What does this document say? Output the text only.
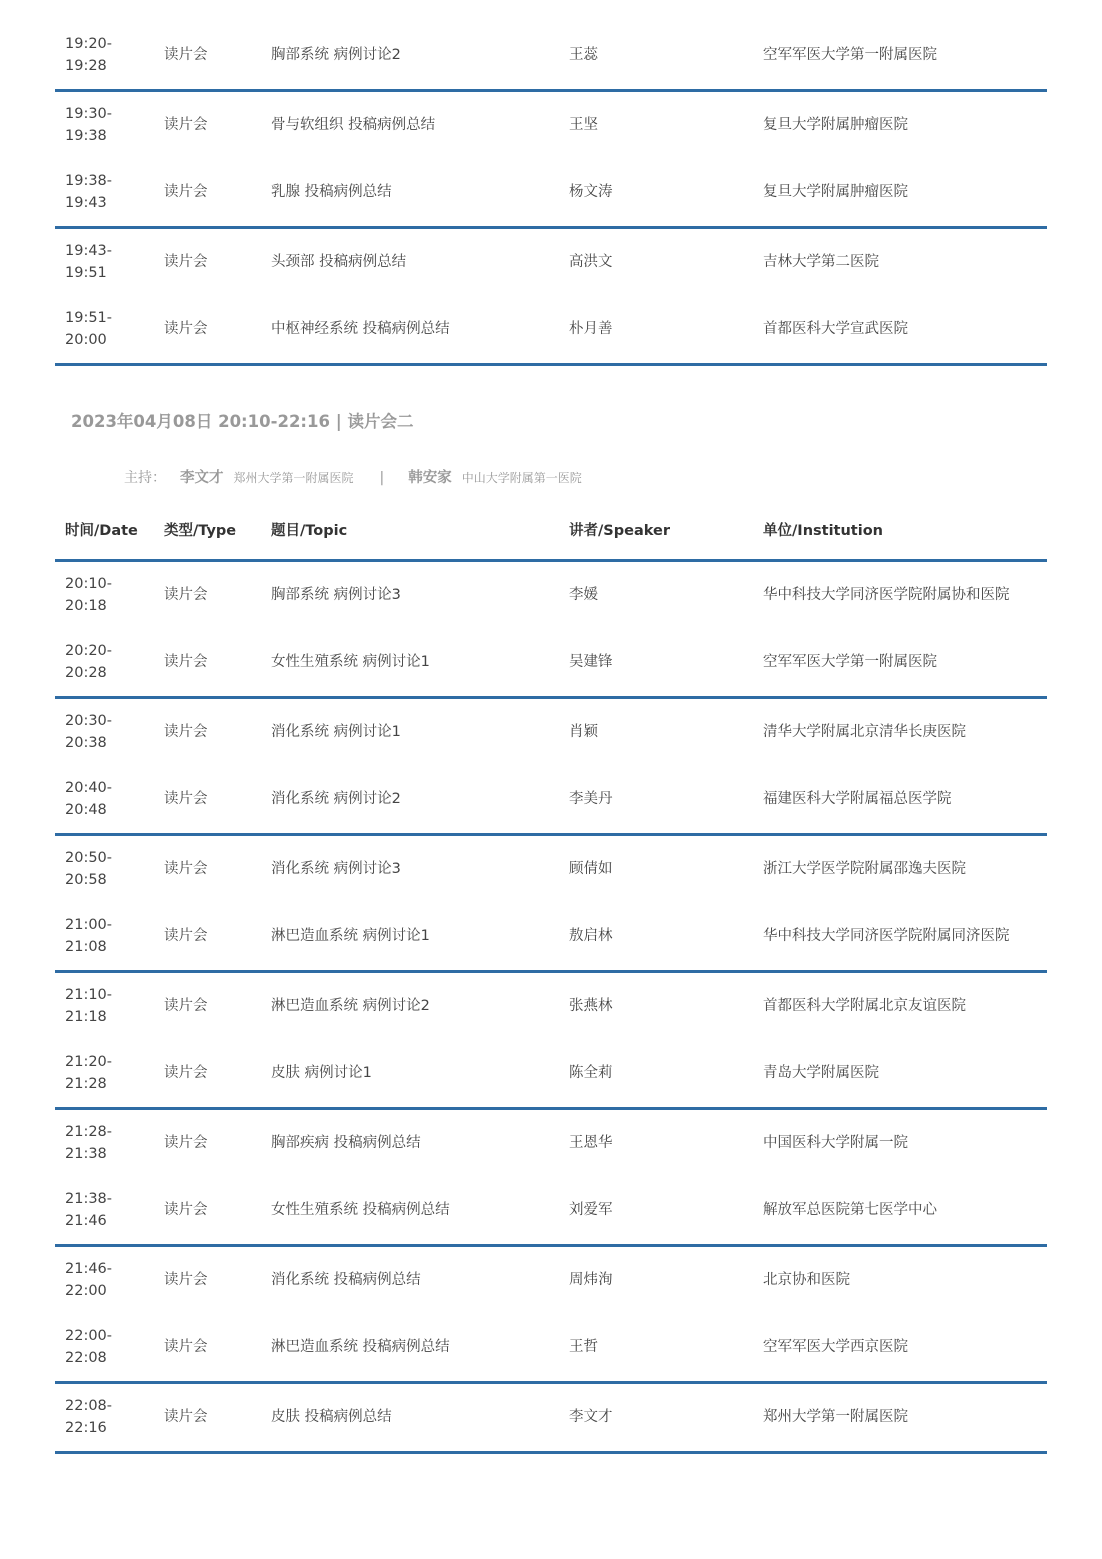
19:20-
19:28
读片会	胸部系统 病例讨论2	王蕊	空军军医大学第一附属医院
19:30-
19:38
读片会	骨与软组织 投稿病例总结	王坚	复旦大学附属肿瘤医院
19:38-
19:43
读片会	乳腺 投稿病例总结	杨文涛	复旦大学附属肿瘤医院
19:43-
19:51
读片会	头颈部 投稿病例总结	高洪文	吉林大学第二医院
19:51-
20:00
读片会	中枢神经系统 投稿病例总结	朴月善	首都医科大学宣武医院
2023年04月08日 20:10-22:16 | 读片会二
主持： 李文才 郑州大学第一附属医院 | 韩安家 中山大学附属第一医院
时间/Date	类型/Type 题目/Topic	讲者/Speaker	单位/Institution
20:10-
20:18
读片会	胸部系统 病例讨论3	李媛	华中科技大学同济医学院附属协和医院
20:20-
20:28
读片会	女性生殖系统 病例讨论1	吴建锋	空军军医大学第一附属医院
20:30-
20:38
读片会	消化系统 病例讨论1	肖颖	清华大学附属北京清华长庚医院
20:40-
20:48
读片会	消化系统 病例讨论2	李美丹	福建医科大学附属福总医学院
20:50-
20:58
读片会	消化系统 病例讨论3	顾倩如	浙江大学医学院附属邵逸夫医院
21:00-
21:08
读片会	淋巴造血系统 病例讨论1	敖启林	华中科技大学同济医学院附属同济医院
21:10-
21:18
读片会	淋巴造血系统 病例讨论2	张燕林	首都医科大学附属北京友谊医院
21:20-
21:28
读片会	皮肤 病例讨论1	陈全莉	青岛大学附属医院
21:28-
21:38
读片会	胸部疾病 投稿病例总结	王恩华	中国医科大学附属一院
21:38-
21:46
读片会	女性生殖系统 投稿病例总结	刘爱军	解放军总医院第七医学中心
21:46-
22:00
读片会	消化系统 投稿病例总结	周炜洵	北京协和医院
22:00-
22:08
读片会	淋巴造血系统 投稿病例总结	王哲	空军军医大学西京医院
22:08-
22:16
读片会	皮肤 投稿病例总结	李文才	郑州大学第一附属医院
